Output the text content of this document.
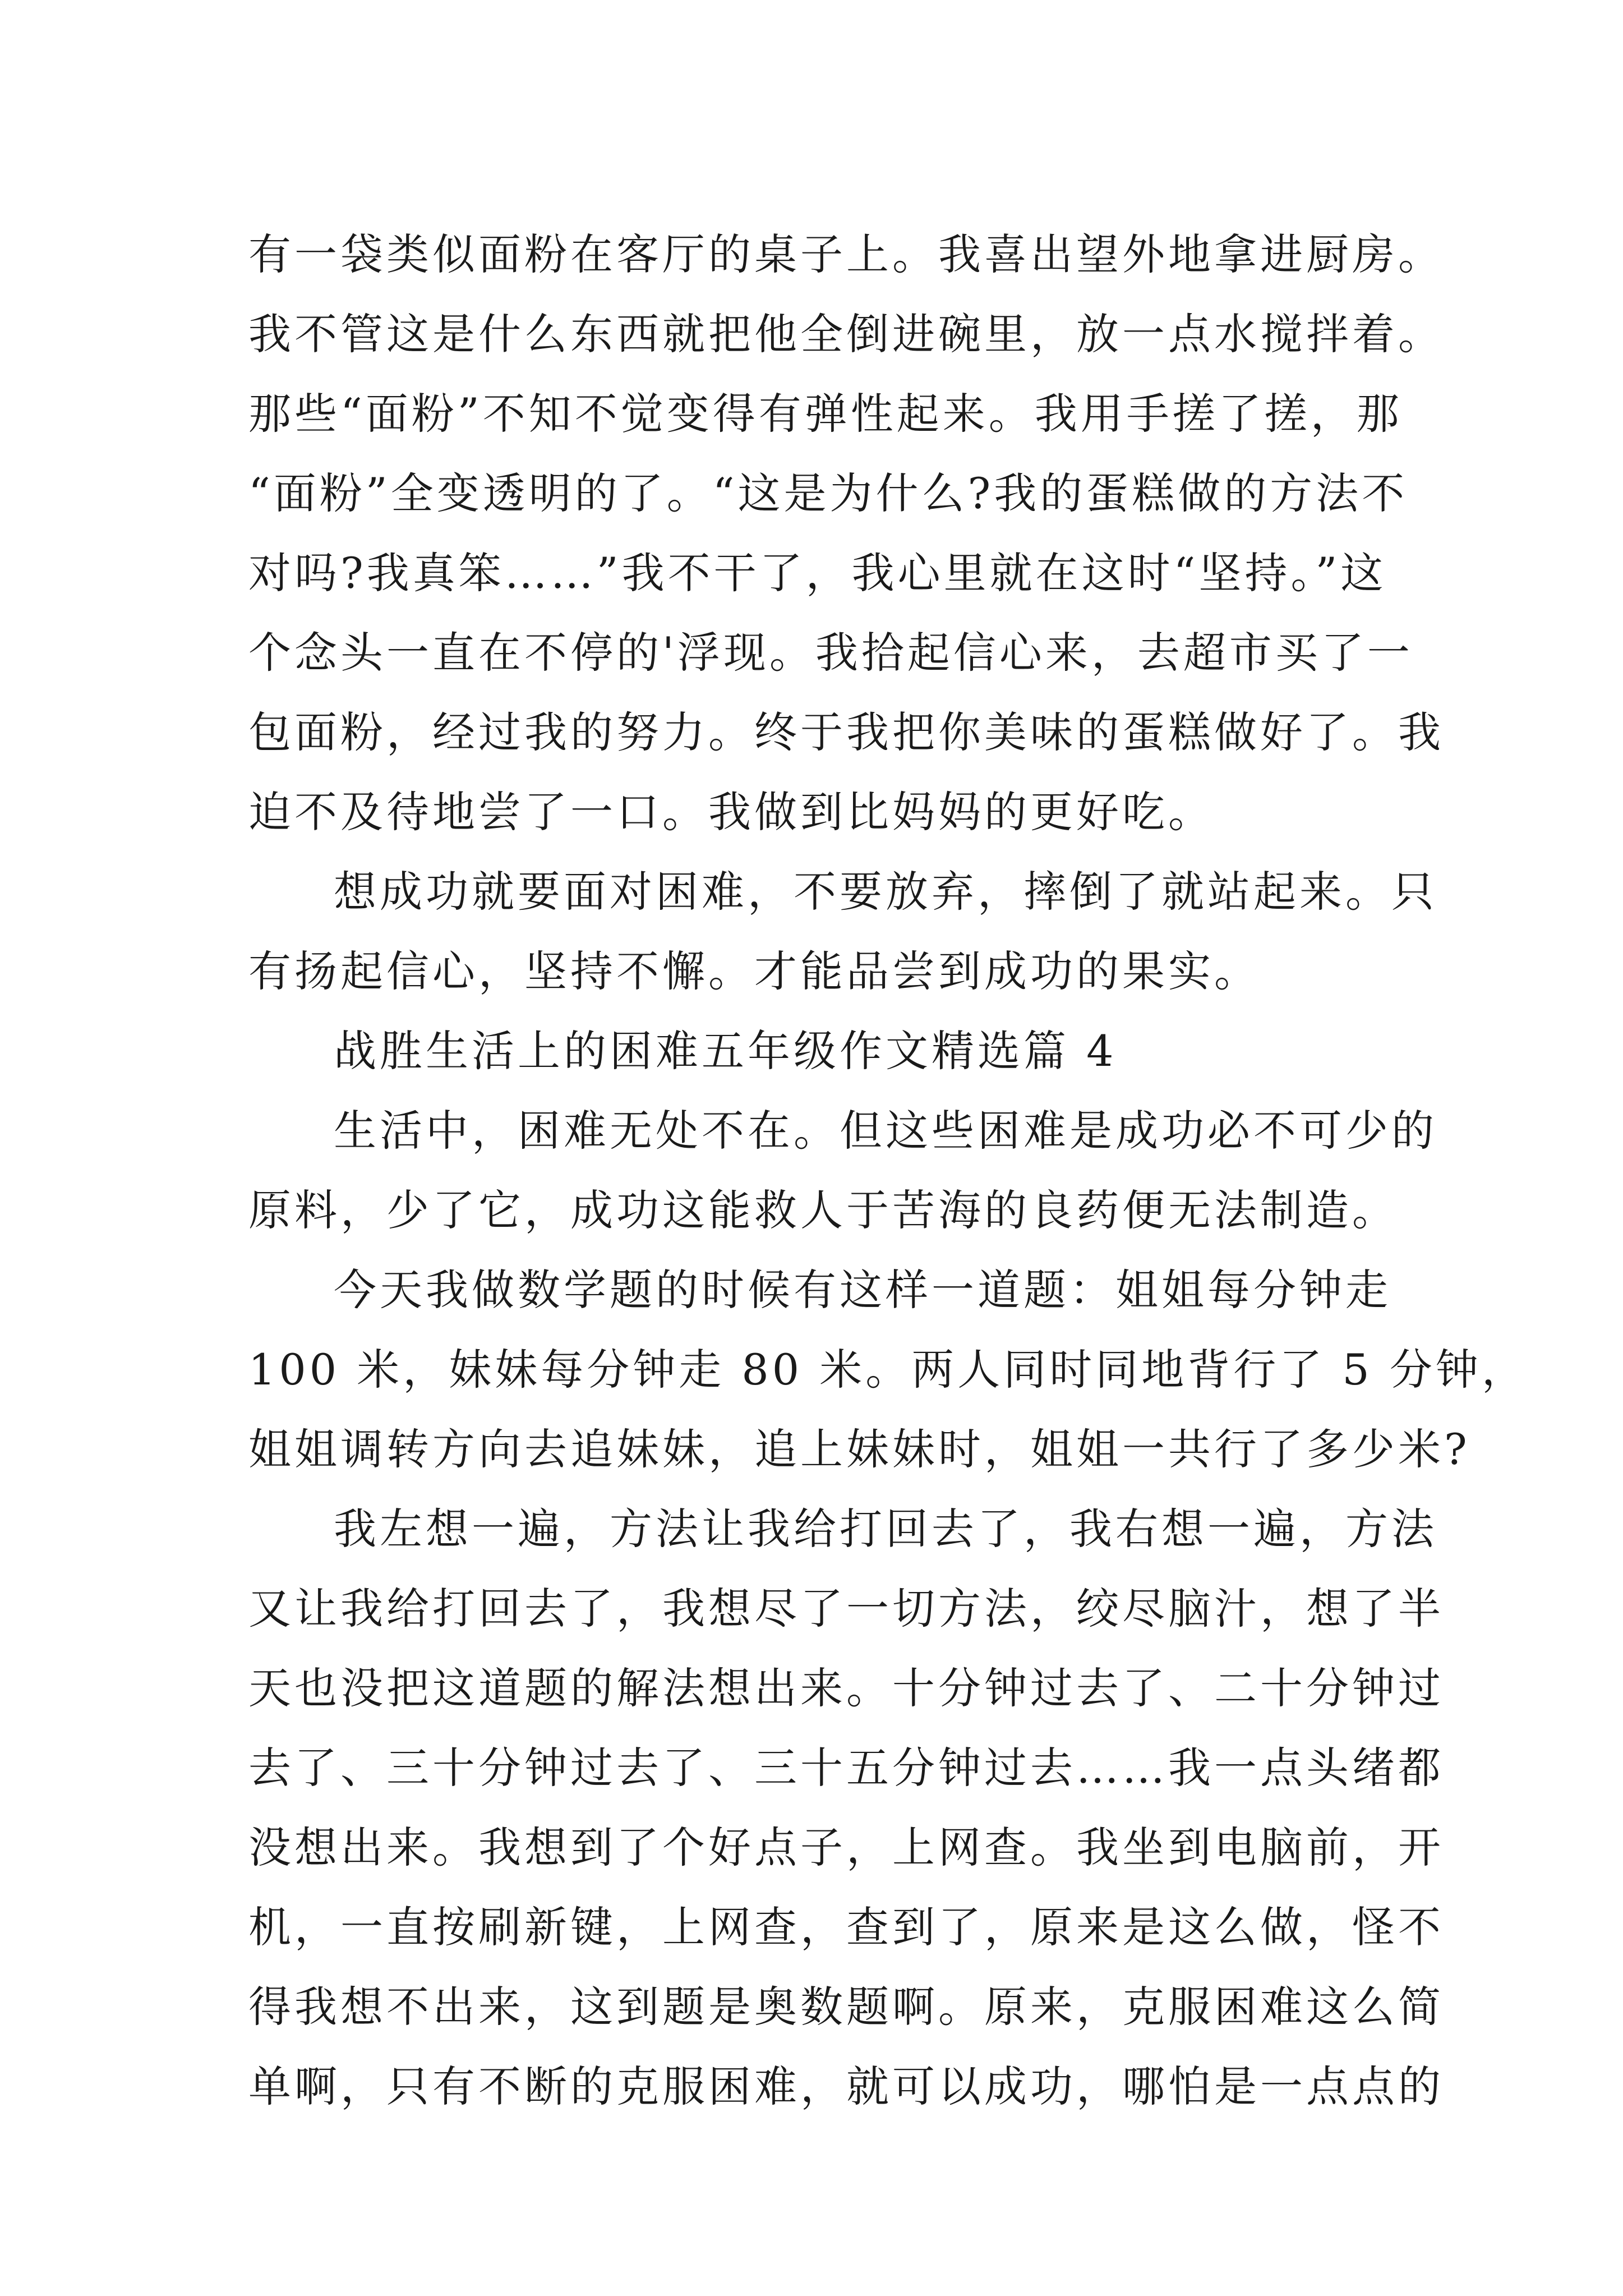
有一袋类似面粉在客厅的桌子上。我喜出望外地拿进厨房。
我不管这是什么东西就把他全倒进碗里，放一点水搅拌着。
那些“面粉”不知不觉变得有弹性起来。我用手搓了搓，那
“面粉”全变透明的了。“这是为什么?我的蛋糕做的方法不
对吗?我真笨……”我不干了，我心里就在这时“坚持。”这
个念头一直在不停的'浮现。我拾起信心来，去超市买了一
包面粉，经过我的努力。终于我把你美味的蛋糕做好了。我
迫不及待地尝了一口。我做到比妈妈的更好吃。
想成功就要面对困难，不要放弃，摔倒了就站起来。只
有扬起信心，坚持不懈。才能品尝到成功的果实。
战胜生活上的困难五年级作文精选篇 4
生活中，困难无处不在。但这些困难是成功必不可少的
原料，少了它，成功这能救人于苦海的良药便无法制造。
今天我做数学题的时候有这样一道题：姐姐每分钟走
100 米，妹妹每分钟走 80 米。两人同时同地背行了 5 分钟，
姐姐调转方向去追妹妹，追上妹妹时，姐姐一共行了多少米?
我左想一遍，方法让我给打回去了，我右想一遍，方法
又让我给打回去了，我想尽了一切方法，绞尽脑汁，想了半
天也没把这道题的解法想出来。十分钟过去了、二十分钟过
去了、三十分钟过去了、三十五分钟过去……我一点头绪都
没想出来。我想到了个好点子，上网查。我坐到电脑前，开
机，一直按刷新键，上网查，查到了，原来是这么做，怪不
得我想不出来，这到题是奥数题啊。原来，克服困难这么简
单啊，只有不断的克服困难，就可以成功，哪怕是一点点的
